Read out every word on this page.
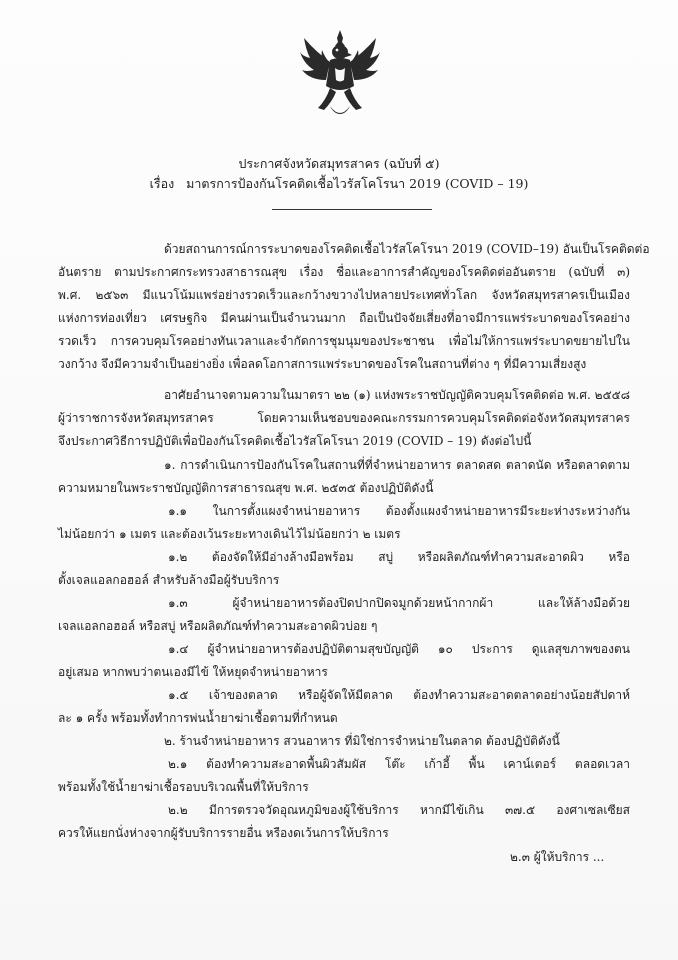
ประกาศจังหวัดสมุทรสาคร (ฉบับที่ ๕)
เรื่อง มาตรการป้องกันโรคติดเชื้อไวรัสโคโรนา 2019 (COVID – 19)
ด้วยสถานการณ์การระบาดของโรคติดเชื้อไวรัสโคโรนา 2019 (COVID–19) อันเป็นโรคติดต่อ
อันตราย ตามประกาศกระทรวงสาธารณสุข เรื่อง ชื่อและอาการสำคัญของโรคติดต่ออันตราย (ฉบับที่ ๓)
พ.ศ. ๒๕๖๓ มีแนวโน้มแพร่อย่างรวดเร็วและกว้างขวางไปหลายประเทศทั่วโลก จังหวัดสมุทรสาครเป็นเมือง
แห่งการท่องเที่ยว เศรษฐกิจ มีคนผ่านเป็นจำนวนมาก ถือเป็นปัจจัยเสี่ยงที่อาจมีการแพร่ระบาดของโรคอย่าง
รวดเร็ว การควบคุมโรคอย่างทันเวลาและจำกัดการชุมนุมของประชาชน เพื่อไม่ให้การแพร่ระบาดขยายไปใน
วงกว้าง จึงมีความจำเป็นอย่างยิ่ง เพื่อลดโอกาสการแพร่ระบาดของโรคในสถานที่ต่าง ๆ ที่มีความเสี่ยงสูง
อาศัยอำนาจตามความในมาตรา ๒๒ (๑) แห่งพระราชบัญญัติควบคุมโรคติดต่อ พ.ศ. ๒๕๕๘
ผู้ว่าราชการจังหวัดสมุทรสาคร โดยความเห็นชอบของคณะกรรมการควบคุมโรคติดต่อจังหวัดสมุทรสาคร
จึงประกาศวิธีการปฏิบัติเพื่อป้องกันโรคติดเชื้อไวรัสโคโรนา 2019 (COVID – 19) ดังต่อไปนี้
๑. การดำเนินการป้องกันโรคในสถานที่ที่จำหน่ายอาหาร ตลาดสด ตลาดนัด หรือตลาดตาม
ความหมายในพระราชบัญญัติการสาธารณสุข พ.ศ. ๒๕๓๕ ต้องปฏิบัติดังนี้
๑.๑ ในการตั้งแผงจำหน่ายอาหาร ต้องตั้งแผงจำหน่ายอาหารมีระยะห่างระหว่างกัน
ไม่น้อยกว่า ๑ เมตร และต้องเว้นระยะทางเดินไว้ไม่น้อยกว่า ๒ เมตร
๑.๒ ต้องจัดให้มีอ่างล้างมือพร้อม สบู่ หรือผลิตภัณฑ์ทำความสะอาดผิว หรือ
ตั้งเจลแอลกอฮอล์ สำหรับล้างมือผู้รับบริการ
๑.๓ ผู้จำหน่ายอาหารต้องปิดปากปิดจมูกด้วยหน้ากากผ้า และให้ล้างมือด้วย
เจลแอลกอฮอล์ หรือสบู่ หรือผลิตภัณฑ์ทำความสะอาดผิวบ่อย ๆ
๑.๔ ผู้จำหน่ายอาหารต้องปฏิบัติตามสุขบัญญัติ ๑๐ ประการ ดูแลสุขภาพของตน
อยู่เสมอ หากพบว่าตนเองมีไข้ ให้หยุดจำหน่ายอาหาร
๑.๕ เจ้าของตลาด หรือผู้จัดให้มีตลาด ต้องทำความสะอาดตลาดอย่างน้อยสัปดาห์
ละ ๑ ครั้ง พร้อมทั้งทำการพ่นน้ำยาฆ่าเชื้อตามที่กำหนด
๒. ร้านจำหน่ายอาหาร สวนอาหาร ที่มิใช่การจำหน่ายในตลาด ต้องปฏิบัติดังนี้
๒.๑ ต้องทำความสะอาดพื้นผิวสัมผัส โต๊ะ เก้าอี้ พื้น เคาน์เตอร์ ตลอดเวลา
พร้อมทั้งใช้น้ำยาฆ่าเชื้อรอบบริเวณพื้นที่ให้บริการ
๒.๒ มีการตรวจวัดอุณหภูมิของผู้ใช้บริการ หากมีไข้เกิน ๓๗.๕ องศาเซลเซียส
ควรให้แยกนั่งห่างจากผู้รับบริการรายอื่น หรืองดเว้นการให้บริการ
๒.๓ ผู้ให้บริการ ...
